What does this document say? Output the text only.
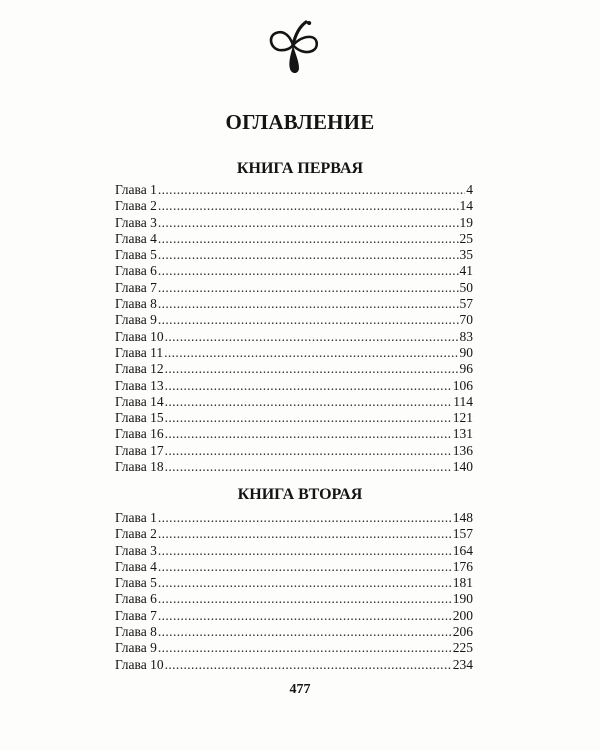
ОГЛАВЛЕНИЕ
КНИГА ПЕРВАЯ
Глава 1 .....	4
Глава 2 .....	14
Глава 3 .....	19
Глава 4 .....	25
Глава 5 .....	35
Глава 6 .....	41
Глава 7 .....	50
Глава 8 .....	57
Глава 9 .....	70
Глава 10 .....	83
Глава 11 .....	90
Глава 12 .....	96
Глава 13 .....	106
Глава 14 .....	114
Глава 15 .....	121
Глава 16 .....	131
Глава 17 .....	136
Глава 18 .....	140
КНИГА ВТОРАЯ
Глава 1 .....	148
Глава 2 .....	157
Глава 3 .....	164
Глава 4 .....	176
Глава 5 .....	181
Глава 6 .....	190
Глава 7 .....	200
Глава 8 .....	206
Глава 9 .....	225
Глава 10 .....	234
477
